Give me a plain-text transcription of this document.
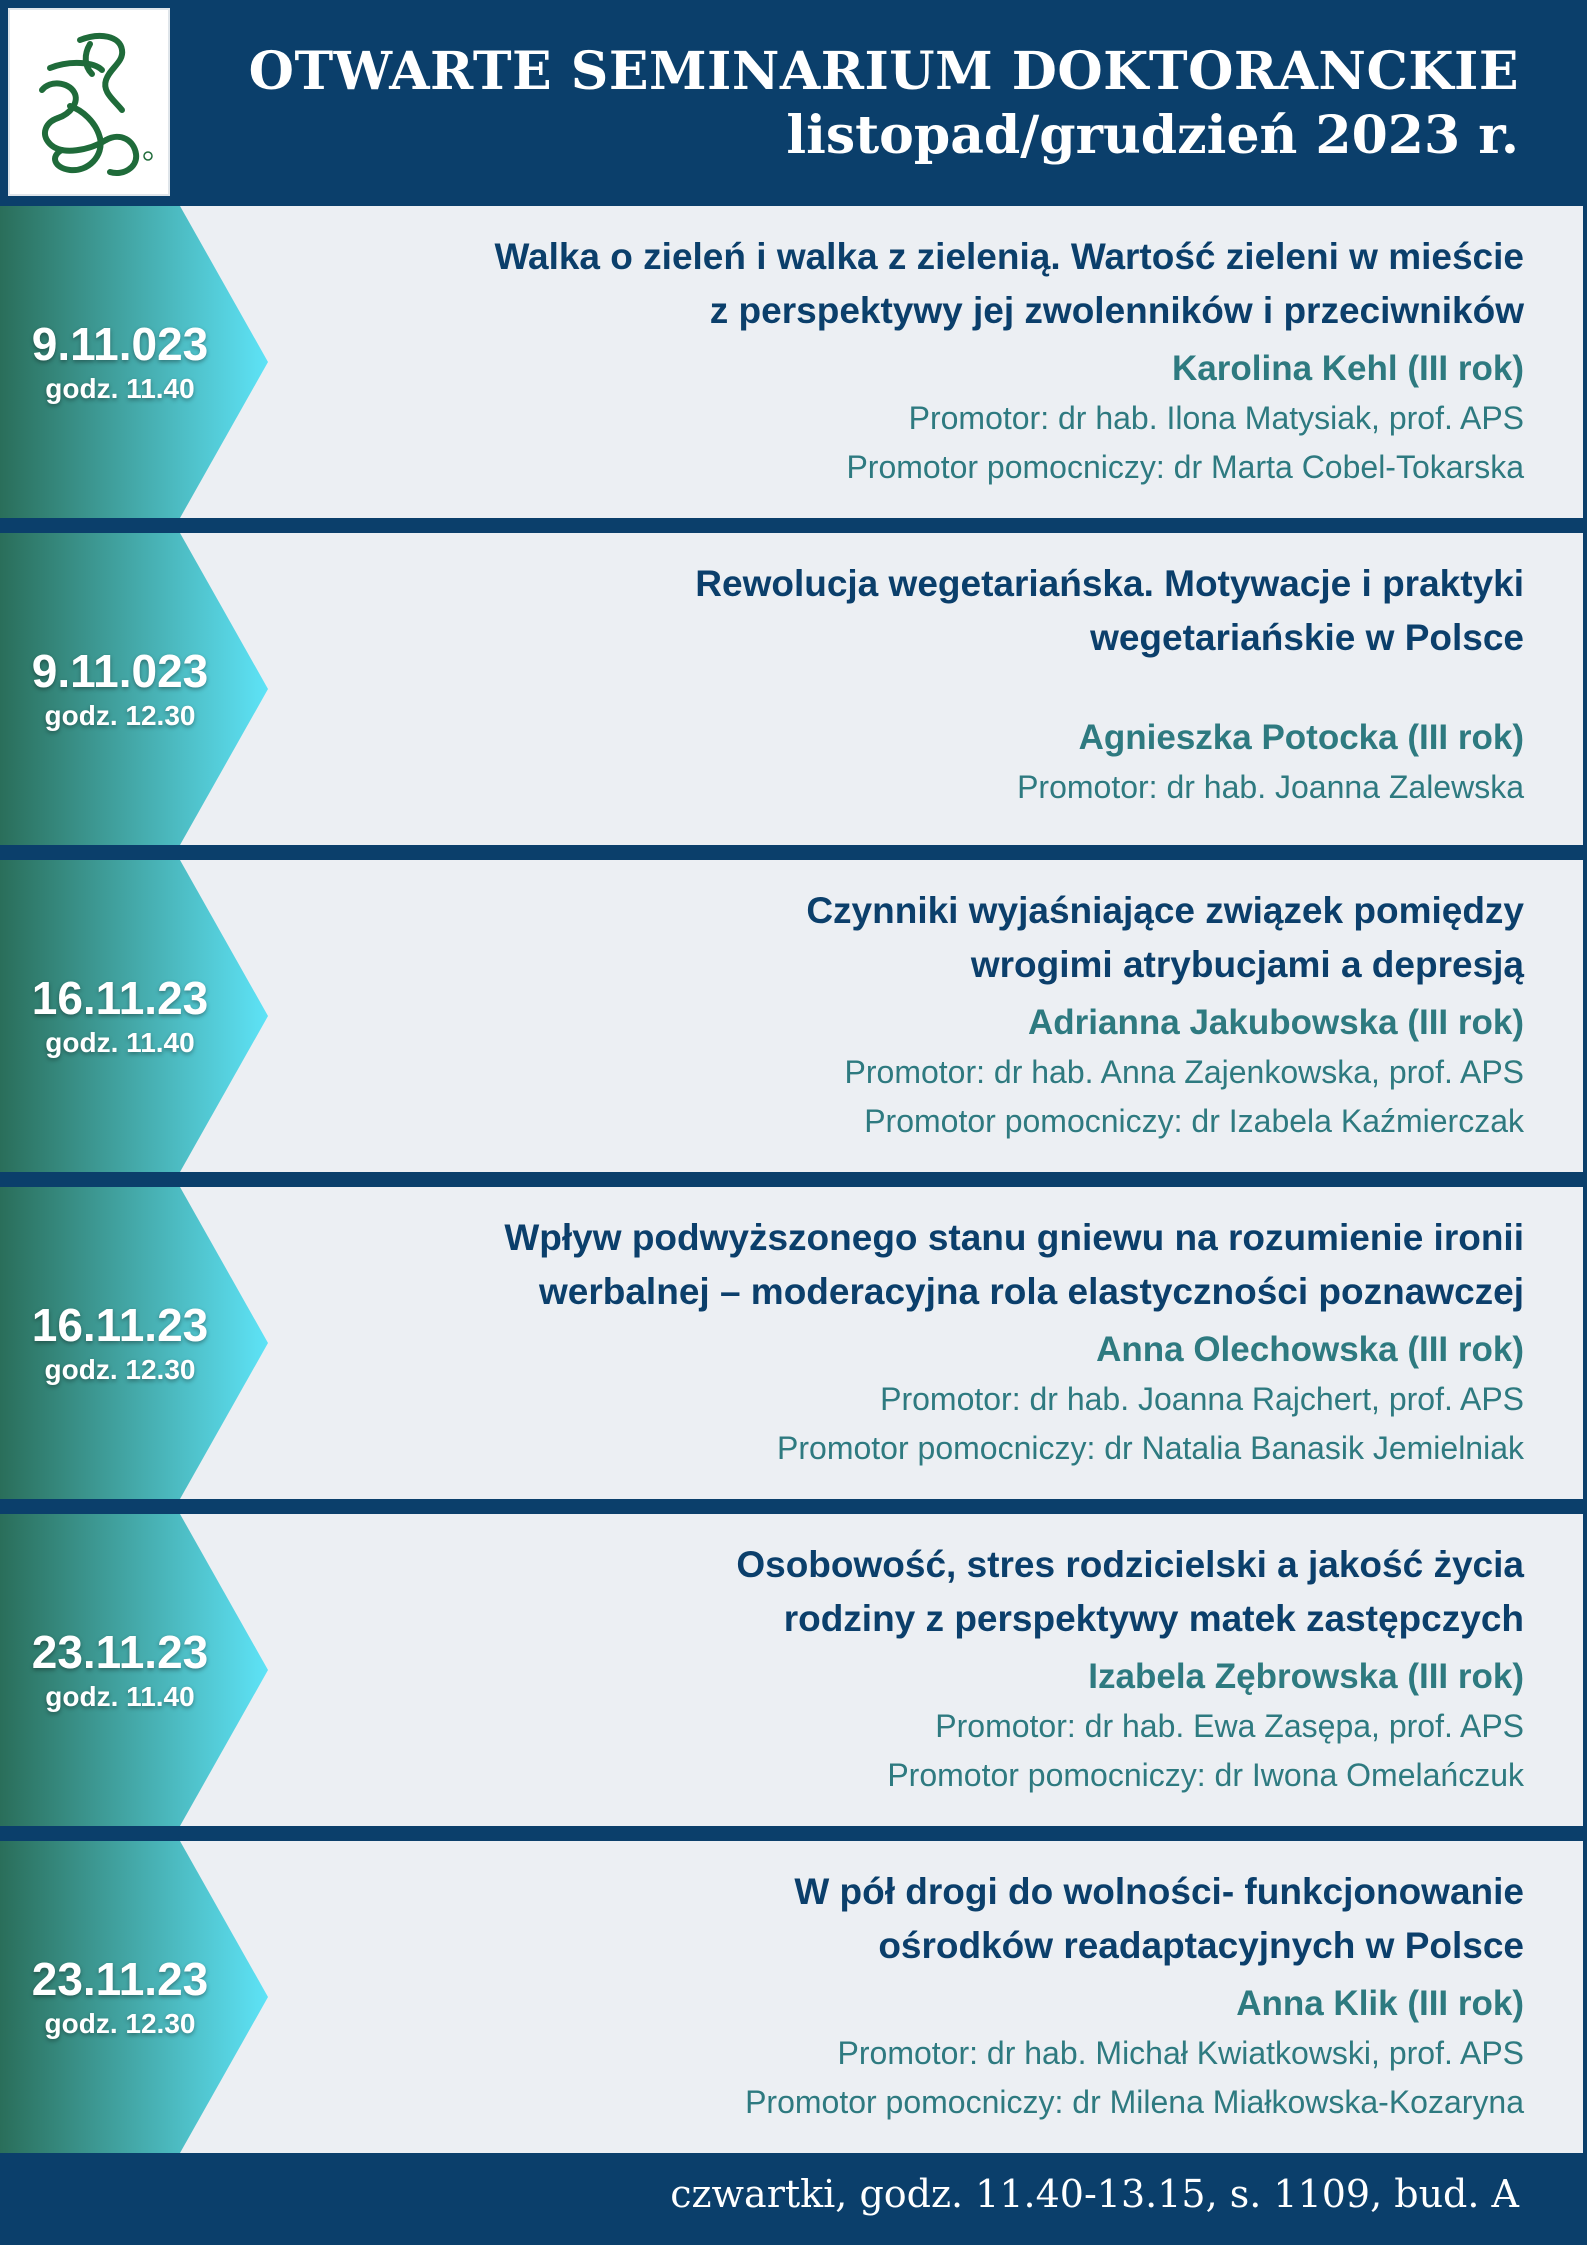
OTWARTE SEMINARIUM DOKTORANCKIE
listopad/grudzień 2023 r.
9.11.023
godz. 11.40
Walka o zieleń i walka z zielenią. Wartość zieleni w mieście
z perspektywy jej zwolenników i przeciwników
Karolina Kehl (III rok)
Promotor: dr hab. Ilona Matysiak, prof. APS
Promotor pomocniczy: dr Marta Cobel-Tokarska
9.11.023
godz. 12.30
Rewolucja wegetariańska. Motywacje i praktyki
wegetariańskie w Polsce
Agnieszka Potocka (III rok)
Promotor: dr hab. Joanna Zalewska
16.11.23
godz. 11.40
Czynniki wyjaśniające związek pomiędzy
wrogimi atrybucjami a depresją
Adrianna Jakubowska (III rok)
Promotor: dr hab. Anna Zajenkowska, prof. APS
Promotor pomocniczy: dr Izabela Kaźmierczak
16.11.23
godz. 12.30
Wpływ podwyższonego stanu gniewu na rozumienie ironii
werbalnej – moderacyjna rola elastyczności poznawczej
Anna Olechowska (III rok)
Promotor: dr hab. Joanna Rajchert, prof. APS
Promotor pomocniczy: dr Natalia Banasik Jemielniak
23.11.23
godz. 11.40
Osobowość, stres rodzicielski a jakość życia
rodziny z perspektywy matek zastępczych
Izabela Zębrowska (III rok)
Promotor: dr hab. Ewa Zasępa, prof. APS
Promotor pomocniczy: dr Iwona Omelańczuk
23.11.23
godz. 12.30
W pół drogi do wolności- funkcjonowanie
ośrodków readaptacyjnych w Polsce
Anna Klik (III rok)
Promotor: dr hab. Michał Kwiatkowski, prof. APS
Promotor pomocniczy: dr Milena Miałkowska-Kozaryna
czwartki, godz. 11.40-13.15, s. 1109, bud. A
